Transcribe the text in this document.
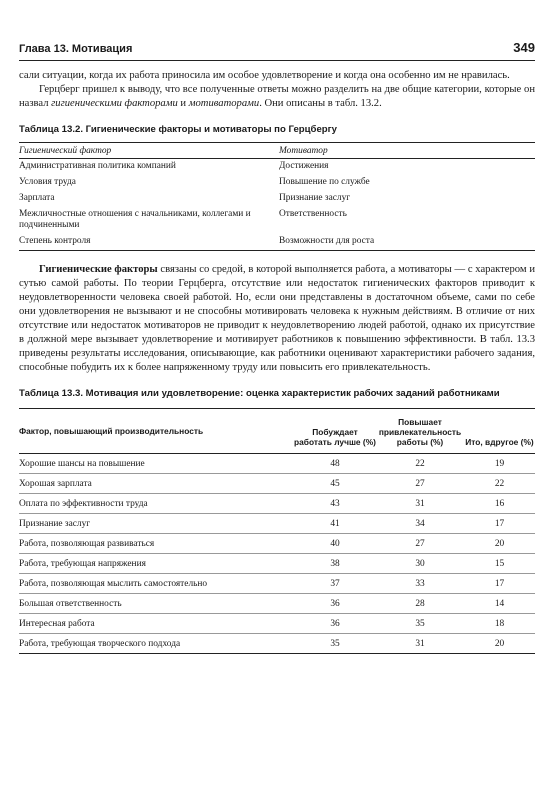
Глава 13. Мотивация	349

сали ситуации, когда их работа приносила им особое удовлетворение и когда она особенно им не нравилась.

Герцберг пришел к выводу, что все полученные ответы можно разделить на две общие категории, которые он назвал гигиеническими факторами и мотиваторами. Они описаны в табл. 13.2.

Таблица 13.2. Гигиенические факторы и мотиваторы по Герцбергу
Гигиенический фактор	Мотиватор
Административная политика компаний	Достижения
Условия труда	Повышение по службе
Зарплата	Признание заслуг
Межличностные отношения с начальниками, коллегами и подчиненными	Ответственность
Степень контроля	Возможности для роста

Гигиенические факторы связаны со средой, в которой выполняется работа, а мотиваторы — с характером и сутью самой работы. По теории Герцберга, отсутствие или недостаток гигиенических факторов приводит к неудовлетворенности человека своей работой. Но, если они представлены в достаточном объеме, сами по себе они удовлетворения не вызывают и не способны мотивировать человека к нужным действиям. В отличие от них отсутствие или недостаток мотиваторов не приводит к неудовлетворению людей работой, однако их присутствие в должной мере вызывает удовлетворение и мотивирует работников к повышению эффективности. В табл. 13.3 приведены результаты исследования, описывающие, как работники оценивают характеристики рабочего задания, способные побудить их к более напряженному труду или повысить его привлекательность.

Таблица 13.3. Мотивация или удовлетворение: оценка характеристик рабочих заданий работниками
Фактор, повышающий производительность	Побуждает работать лучше (%)	Повышает привлекательность работы (%)	Ито, вдругое (%)
Хорошие шансы на повышение	48	22	19
Хорошая зарплата	45	27	22
Оплата по эффективности труда	43	31	16
Признание заслуг	41	34	17
Работа, позволяющая развиваться	40	27	20
Работа, требующая напряжения	38	30	15
Работа, позволяющая мыслить самостоятельно	37	33	17
Большая ответственность	36	28	14
Интересная работа	36	35	18
Работа, требующая творческого подхода	35	31	20
